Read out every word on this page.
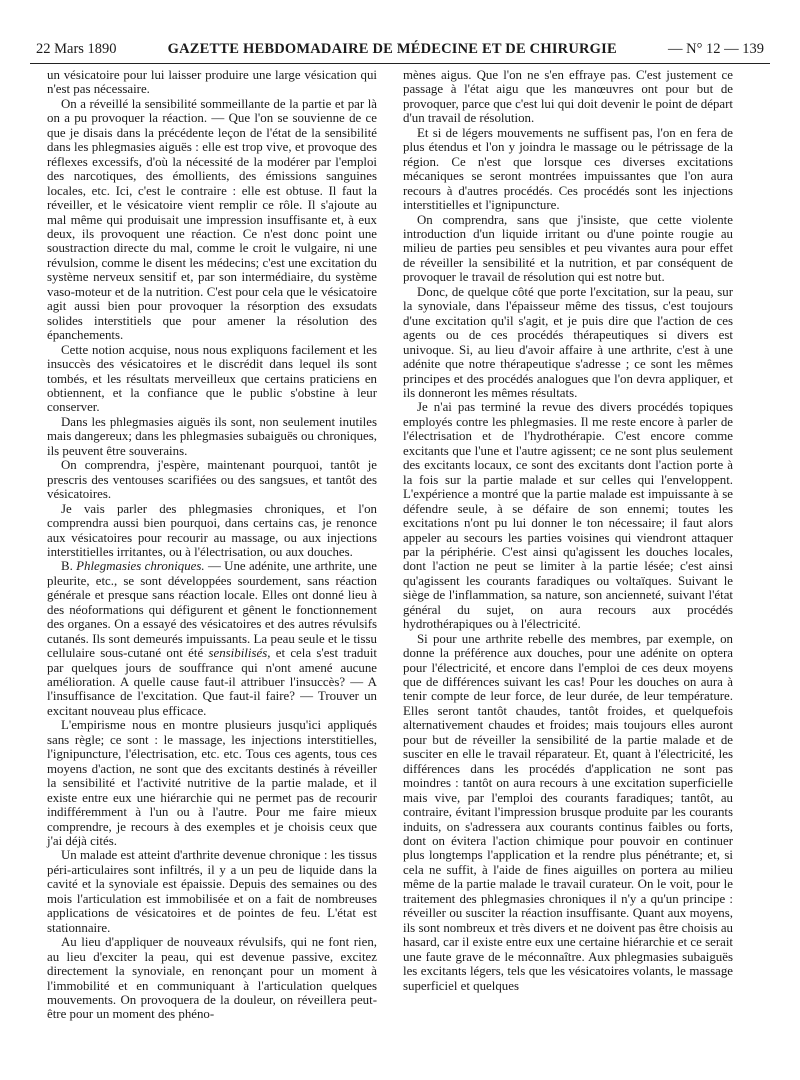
22 Mars 1890	GAZETTE HEBDOMADAIRE DE MÉDECINE ET DE CHIRURGIE	— N° 12 — 139

un vésicatoire pour lui laisser produire une large vésication qui n'est pas nécessaire.

On a réveillé la sensibilité sommeillante de la partie et par là on a pu provoquer la réaction. — Que l'on se souvienne de ce que je disais dans la précédente leçon de l'état de la sensibilité dans les phlegmasies aiguës : elle est trop vive, et provoque des réflexes excessifs, d'où la nécessité de la modérer par l'emploi des narcotiques, des émollients, des émissions sanguines locales, etc. Ici, c'est le contraire : elle est obtuse. Il faut la réveiller, et le vésicatoire vient remplir ce rôle. Il s'ajoute au mal même qui produisait une impression insuffisante et, à eux deux, ils provoquent une réaction. Ce n'est donc point une soustraction directe du mal, comme le croit le vulgaire, ni une révulsion, comme le disent les médecins; c'est une excitation du système nerveux sensitif et, par son intermédiaire, du système vaso-moteur et de la nutrition. C'est pour cela que le vésicatoire agit aussi bien pour provoquer la résorption des exsudats solides interstitiels que pour amener la résolution des épanchements.

Cette notion acquise, nous nous expliquons facilement et les insuccès des vésicatoires et le discrédit dans lequel ils sont tombés, et les résultats merveilleux que certains praticiens en obtiennent, et la confiance que le public s'obstine à leur conserver.

Dans les phlegmasies aiguës ils sont, non seulement inutiles mais dangereux; dans les phlegmasies subaiguës ou chroniques, ils peuvent être souverains.

On comprendra, j'espère, maintenant pourquoi, tantôt je prescris des ventouses scarifiées ou des sangsues, et tantôt des vésicatoires.

Je vais parler des phlegmasies chroniques, et l'on comprendra aussi bien pourquoi, dans certains cas, je renonce aux vésicatoires pour recourir au massage, ou aux injections interstitielles irritantes, ou à l'électrisation, ou aux douches.

B. Phlegmasies chroniques. — Une adénite, une arthrite, une pleurite, etc., se sont développées sourdement, sans réaction générale et presque sans réaction locale. Elles ont donné lieu à des néoformations qui défigurent et gênent le fonctionnement des organes. On a essayé des vésicatoires et des autres révulsifs cutanés. Ils sont demeurés impuissants. La peau seule et le tissu cellulaire sous-cutané ont été sensibilisés, et cela s'est traduit par quelques jours de souffrance qui n'ont amené aucune amélioration. A quelle cause faut-il attribuer l'insuccès? — A l'insuffisance de l'excitation. Que faut-il faire? — Trouver un excitant nouveau plus efficace.

L'empirisme nous en montre plusieurs jusqu'ici appliqués sans règle; ce sont : le massage, les injections interstitielles, l'ignipuncture, l'électrisation, etc. etc. Tous ces agents, tous ces moyens d'action, ne sont que des excitants destinés à réveiller la sensibilité et l'activité nutritive de la partie malade, et il existe entre eux une hiérarchie qui ne permet pas de recourir indifféremment à l'un ou à l'autre. Pour me faire mieux comprendre, je recours à des exemples et je choisis ceux que j'ai déjà cités.

Un malade est atteint d'arthrite devenue chronique : les tissus péri-articulaires sont infiltrés, il y a un peu de liquide dans la cavité et la synoviale est épaissie. Depuis des semaines ou des mois l'articulation est immobilisée et on a fait de nombreuses applications de vésicatoires et de pointes de feu. L'état est stationnaire.

Au lieu d'appliquer de nouveaux révulsifs, qui ne font rien, au lieu d'exciter la peau, qui est devenue passive, excitez directement la synoviale, en renonçant pour un moment à l'immobilité et en communiquant à l'articulation quelques mouvements. On provoquera de la douleur, on réveillera peut-être pour un moment des phéno-

mènes aigus. Que l'on ne s'en effraye pas. C'est justement ce passage à l'état aigu que les manœuvres ont pour but de provoquer, parce que c'est lui qui doit devenir le point de départ d'un travail de résolution.

Et si de légers mouvements ne suffisent pas, l'on en fera de plus étendus et l'on y joindra le massage ou le pétrissage de la région. Ce n'est que lorsque ces diverses excitations mécaniques se seront montrées impuissantes que l'on aura recours à d'autres procédés. Ces procédés sont les injections interstitielles et l'ignipuncture.

On comprendra, sans que j'insiste, que cette violente introduction d'un liquide irritant ou d'une pointe rougie au milieu de parties peu sensibles et peu vivantes aura pour effet de réveiller la sensibilité et la nutrition, et par conséquent de provoquer le travail de résolution qui est notre but.

Donc, de quelque côté que porte l'excitation, sur la peau, sur la synoviale, dans l'épaisseur même des tissus, c'est toujours d'une excitation qu'il s'agit, et je puis dire que l'action de ces agents ou de ces procédés thérapeutiques si divers est univoque. Si, au lieu d'avoir affaire à une arthrite, c'est à une adénite que notre thérapeutique s'adresse ; ce sont les mêmes principes et des procédés analogues que l'on devra appliquer, et ils donneront les mêmes résultats.

Je n'ai pas terminé la revue des divers procédés topiques employés contre les phlegmasies. Il me reste encore à parler de l'électrisation et de l'hydrothérapie. C'est encore comme excitants que l'une et l'autre agissent; ce ne sont plus seulement des excitants locaux, ce sont des excitants dont l'action porte à la fois sur la partie malade et sur celles qui l'enveloppent. L'expérience a montré que la partie malade est impuissante à se défendre seule, à se défaire de son ennemi; toutes les excitations n'ont pu lui donner le ton nécessaire; il faut alors appeler au secours les parties voisines qui viendront attaquer par la périphérie. C'est ainsi qu'agissent les douches locales, dont l'action ne peut se limiter à la partie lésée; c'est ainsi qu'agissent les courants faradiques ou voltaïques. Suivant le siège de l'inflammation, sa nature, son ancienneté, suivant l'état général du sujet, on aura recours aux procédés hydrothérapiques ou à l'électricité.

Si pour une arthrite rebelle des membres, par exemple, on donne la préférence aux douches, pour une adénite on optera pour l'électricité, et encore dans l'emploi de ces deux moyens que de différences suivant les cas! Pour les douches on aura à tenir compte de leur force, de leur durée, de leur température. Elles seront tantôt chaudes, tantôt froides, et quelquefois alternativement chaudes et froides; mais toujours elles auront pour but de réveiller la sensibilité de la partie malade et de susciter en elle le travail réparateur. Et, quant à l'électricité, les différences dans les procédés d'application ne sont pas moindres : tantôt on aura recours à une excitation superficielle mais vive, par l'emploi des courants faradiques; tantôt, au contraire, évitant l'impression brusque produite par les courants induits, on s'adressera aux courants continus faibles ou forts, dont on évitera l'action chimique pour pouvoir en continuer plus longtemps l'application et la rendre plus pénétrante; et, si cela ne suffit, à l'aide de fines aiguilles on portera au milieu même de la partie malade le travail curateur. On le voit, pour le traitement des phlegmasies chroniques il n'y a qu'un principe : réveiller ou susciter la réaction insuffisante. Quant aux moyens, ils sont nombreux et très divers et ne doivent pas être choisis au hasard, car il existe entre eux une certaine hiérarchie et ce serait une faute grave de le méconnaître. Aux phlegmasies subaiguës les excitants légers, tels que les vésicatoires volants, le massage superficiel et quelques
